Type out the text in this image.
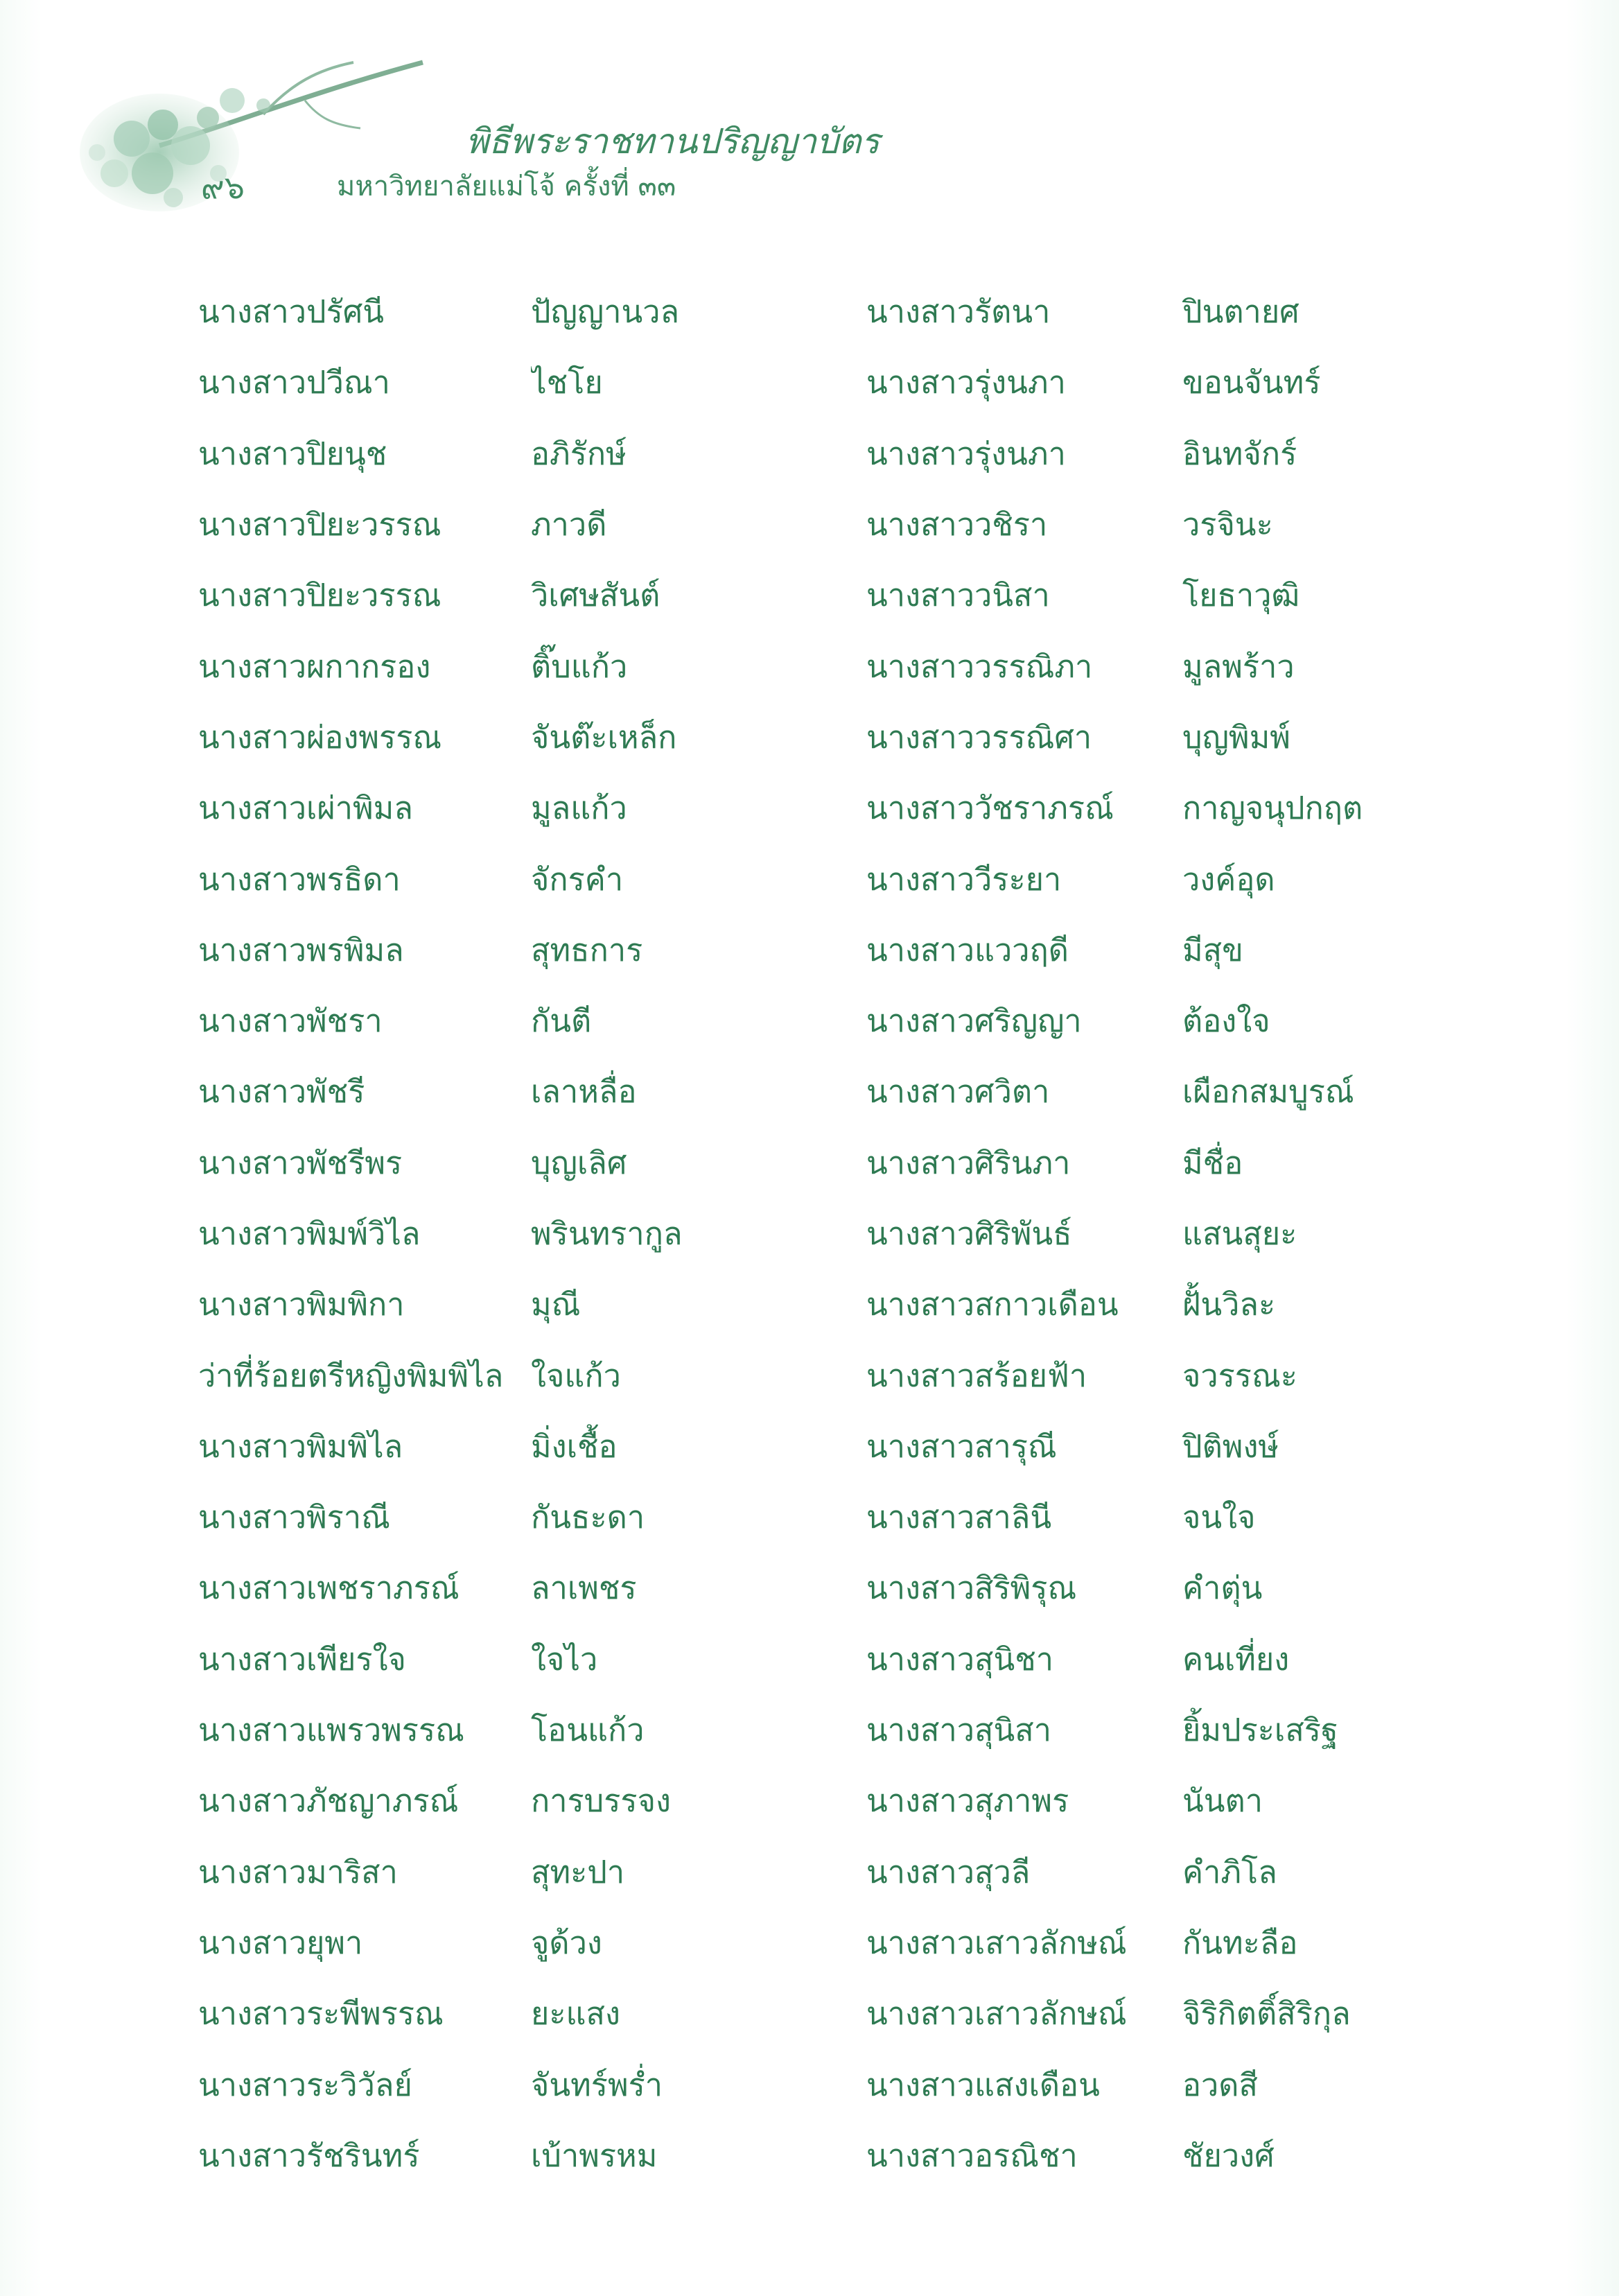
พิธีพระราชทานปริญญาบัตร
๙๖	มหาวิทยาลัยแม่โจ้ ครั้งที่ ๓๓
นางสาวปรัศนี	ปัญญานวล	นางสาวรัตนา	ปินตายศ
นางสาวปวีณา	ไชโย	นางสาวรุ่งนภา	ขอนจันทร์
นางสาวปิยนุช	อภิรักษ์	นางสาวรุ่งนภา	อินทจักร์
นางสาวปิยะวรรณ	ภาวดี	นางสาววชิรา	วรจินะ
นางสาวปิยะวรรณ	วิเศษสันต์	นางสาววนิสา	โยธาวุฒิ
นางสาวผกากรอง	ติ๊บแก้ว	นางสาววรรณิภา	มูลพร้าว
นางสาวผ่องพรรณ	จันต๊ะเหล็ก	นางสาววรรณิศา	บุญพิมพ์
นางสาวเผ่าพิมล	มูลแก้ว	นางสาววัชราภรณ์	กาญจนุปกฤต
นางสาวพรธิดา	จักรคำ	นางสาววีระยา	วงค์อุด
นางสาวพรพิมล	สุทธการ	นางสาวแววฤดี	มีสุข
นางสาวพัชรา	กันตี	นางสาวศริญญา	ต้องใจ
นางสาวพัชรี	เลาหลื่อ	นางสาวศวิตา	เผือกสมบูรณ์
นางสาวพัชรีพร	บุญเลิศ	นางสาวศิรินภา	มีชื่อ
นางสาวพิมพ์วิไล	พรินทรากูล	นางสาวศิริพันธ์	แสนสุยะ
นางสาวพิมพิกา	มุณี	นางสาวสกาวเดือน	ฝั้นวิละ
ว่าที่ร้อยตรีหญิงพิมพิไล	ใจแก้ว	นางสาวสร้อยฟ้า	จวรรณะ
นางสาวพิมพิไล	มิ่งเชื้อ	นางสาวสารุณี	ปิติพงษ์
นางสาวพิราณี	กันธะดา	นางสาวสาลินี	จนใจ
นางสาวเพชราภรณ์	ลาเพชร	นางสาวสิริพิรุณ	คำตุ่น
นางสาวเพียรใจ	ใจไว	นางสาวสุนิชา	คนเที่ยง
นางสาวแพรวพรรณ	โอนแก้ว	นางสาวสุนิสา	ยิ้มประเสริฐ
นางสาวภัชญาภรณ์	การบรรจง	นางสาวสุภาพร	นันตา
นางสาวมาริสา	สุทะปา	นางสาวสุวลี	คำภิโล
นางสาวยุพา	จูด้วง	นางสาวเสาวลักษณ์	กันทะลือ
นางสาวระพีพรรณ	ยะแสง	นางสาวเสาวลักษณ์	จิริกิตติ์สิริกุล
นางสาวระวิวัลย์	จันทร์พร่ำ	นางสาวแสงเดือน	อวดสี
นางสาวรัชรินทร์	เบ้าพรหม	นางสาวอรณิชา	ชัยวงศ์
